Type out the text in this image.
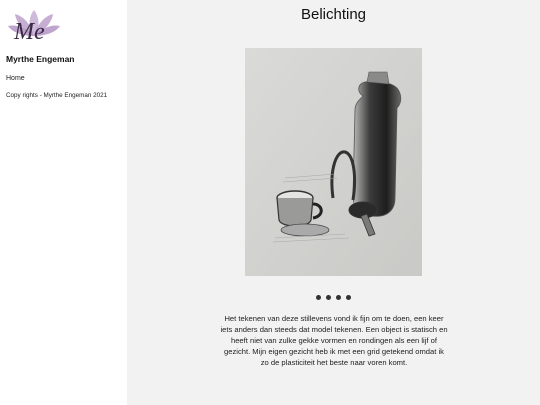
Me
Myrthe Engeman
Home
Copy rights - Myrthe Engeman 2021
Belichting

Het tekenen van deze stillevens vond ik fijn om te doen, een keer iets anders dan steeds dat model tekenen. Een object is statisch en heeft niet van zulke gekke vormen en rondingen als een lijf of gezicht. Mijn eigen gezicht heb ik met een grid getekend omdat ik zo de plasticiteit het beste naar voren komt.
